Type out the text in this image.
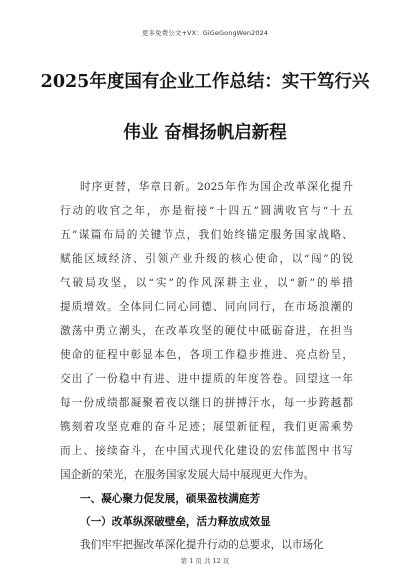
更多免费公文+VX：GiGeGongWen2024
2025年度国有企业工作总结：实干笃行兴
伟业 奋楫扬帆启新程
时序更替，华章日新。2025年作为国企改革深化提升
行动的收官之年，亦是衔接“十四五”圆满收官与“十五
五”谋篇布局的关键节点，我们始终锚定服务国家战略、
赋能区域经济、引领产业升级的核心使命，以“闯”的锐
气破局攻坚，以“实”的作风深耕主业，以“新”的举措
提质增效。全体同仁同心同德、同向同行，在市场浪潮的
激荡中勇立潮头，在改革攻坚的硬仗中砥砺奋进，在担当
使命的征程中彰显本色，各项工作稳步推进、亮点纷呈，
交出了一份稳中有进、进中提质的年度答卷。回望这一年
每一份成绩都凝聚着夜以继日的拼搏汗水，每一步跨越都
镌刻着攻坚克难的奋斗足迹；展望新征程，我们更需乘势
而上、接续奋斗，在中国式现代化建设的宏伟蓝图中书写
国企新的荣光，在服务国家发展大局中展现更大作为。
一、凝心聚力促发展，硕果盈枝满庭芳
（一）改革纵深破壁垒，活力释放成效显
我们牢牢把握改革深化提升行动的总要求，以市场化
第 1 页 共 12 页
